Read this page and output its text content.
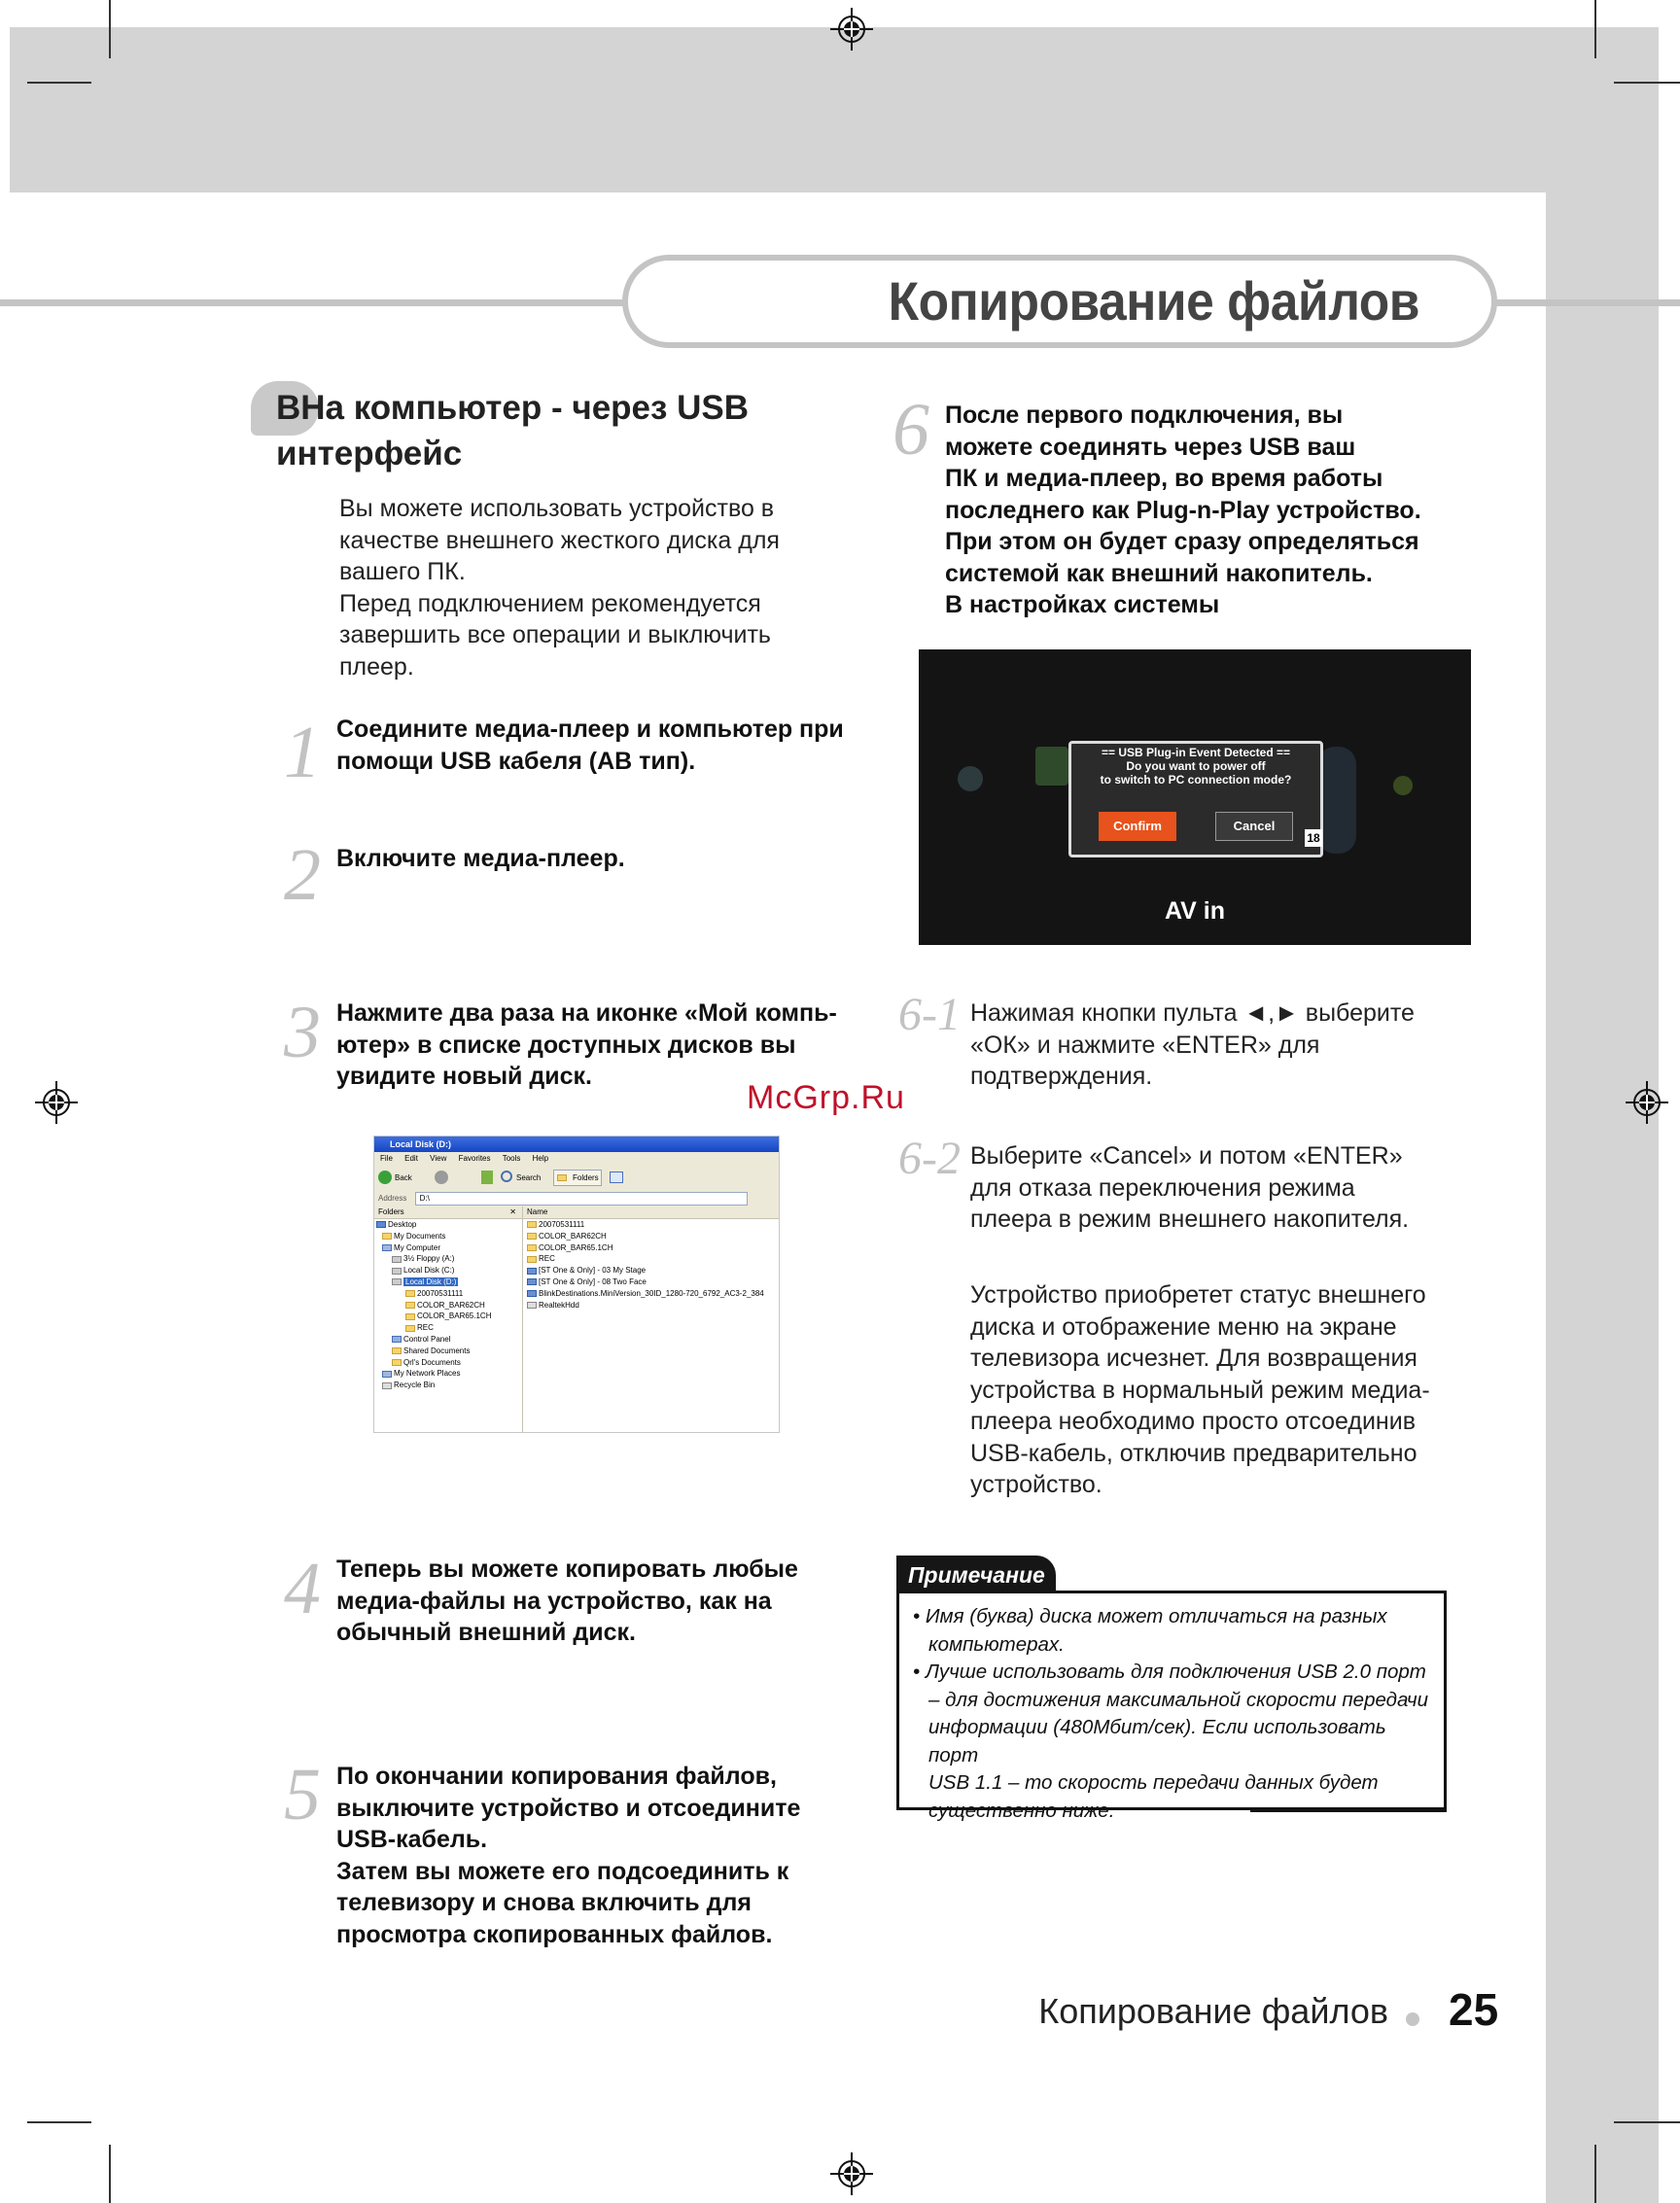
Копирование файлов
ВНа компьютер - через USB интерфейс
Вы можете использовать устройство в
качестве внешнего жесткого диска для
вашего ПК.
Перед подключением рекомендуется
завершить все операции и выключить
плеер.
1 Соедините медиа-плеер и компьютер при
помощи USB кабеля (AB тип).
2 Включите медиа-плеер.
3 Нажмите два раза на иконке «Мой компь-
ютер» в списке доступных дисков вы
увидите новый диск.
McGrp.Ru
Local Disk (D:)
File Edit View Favorites Tools Help
Back	Search	Folders
Address D:\
Folders	✕
Desktop
My Documents
My Computer
3½ Floppy (A:)
Local Disk (C:)
Local Disk (D:)
20070531111
COLOR_BAR62CH
COLOR_BAR65.1CH
REC
Control Panel
Shared Documents
Qrl's Documents
My Network Places
Recycle Bin
Name
20070531111
COLOR_BAR62CH
COLOR_BAR65.1CH
REC
[ST One & Only] - 03 My Stage
[ST One & Only] - 08 Two Face
BlinkDestinations.MiniVersion_30ID_1280-720_6792_AC3-2_384
RealtekHdd
4 Теперь вы можете копировать любые
медиа-файлы на устройство, как на
обычный внешний диск.
5 По окончании копирования файлов,
выключите устройство и отсоедините
USB-кабель.
Затем вы можете его подсоединить к
телевизору и снова включить для
просмотра скопированных файлов.
6 После первого подключения, вы
можете соединять через USB ваш
ПК и медиа-плеер, во время работы
последнего как Plug-n-Play устройство.
При этом он будет сразу определяться
системой как внешний накопитель.
В настройках системы
== USB Plug-in Event Detected ==
Do you want to power off
to switch to PC connection mode?
Confirm	Cancel
18
AV in
6-1 Нажимая кнопки пульта ◄,► выберите
«ОК» и нажмите «ENTER» для
подтверждения.
6-2 Выберите «Cancel» и потом «ENTER»
для отказа переключения режима
плеера в режим внешнего накопителя.
Устройство приобретет статус внешнего
диска и отображение меню на экране
телевизора исчезнет. Для возвращения
устройства в нормальный режим медиа-
плеера необходимо просто отсоединив
USB-кабель, отключив предварительно
устройство.
Примечание
• Имя (буква) диска может отличаться на разных
компьютерах.
• Лучше использовать для подключения USB 2.0 порт
– для достижения максимальной скорости передачи
информации (480Мбит/сек). Если использовать порт
USB 1.1 – то скорость передачи данных будет
существенно ниже.
Копирование файлов 25
